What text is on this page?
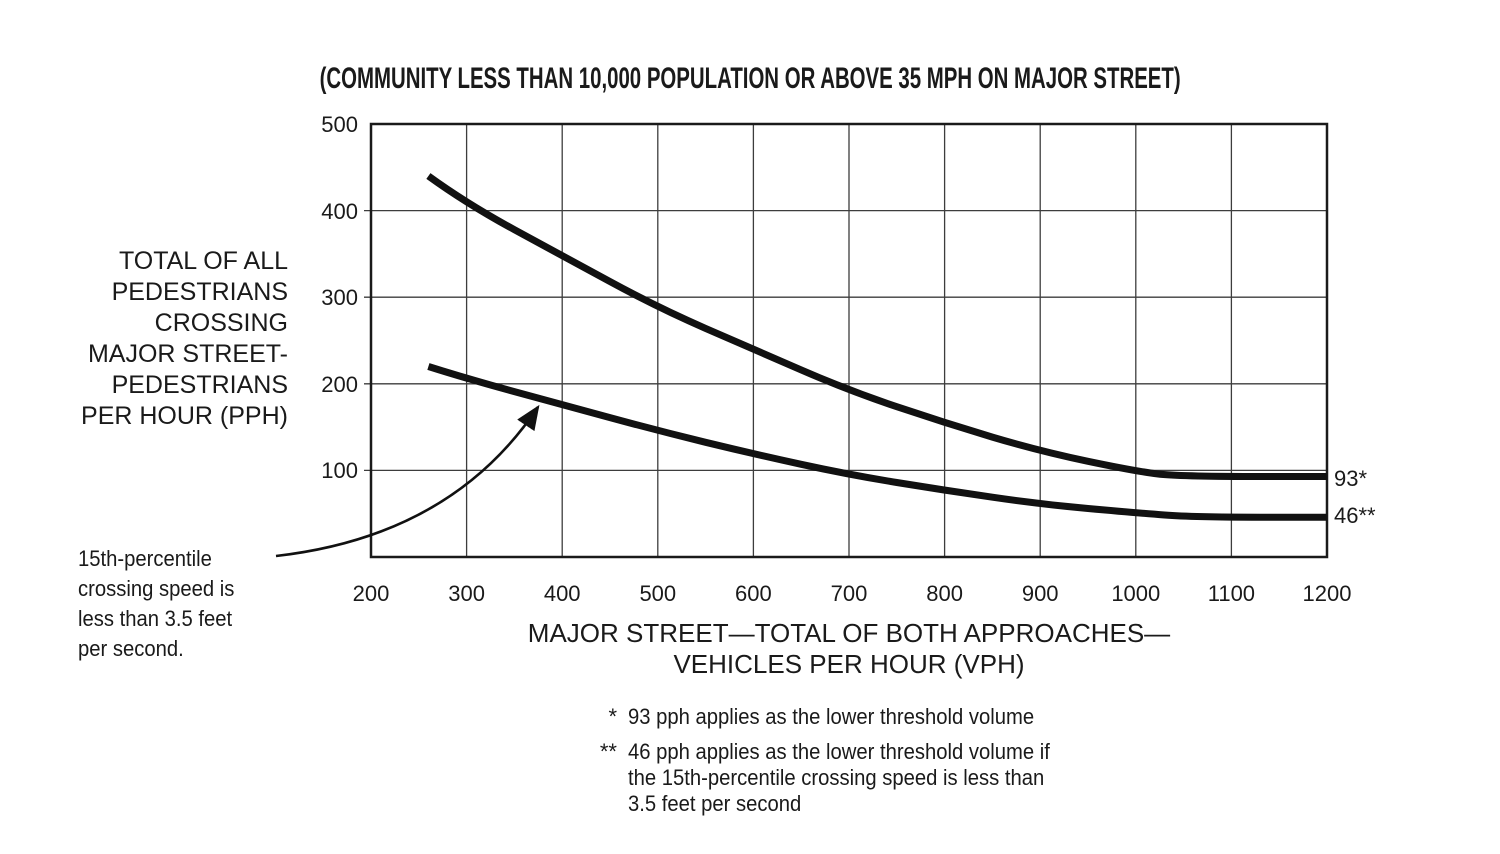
(COMMUNITY LESS THAN 10,000 POPULATION OR ABOVE 35 MPH ON MAJOR STREET)
TOTAL OF ALL
PEDESTRIANS
CROSSING
MAJOR STREET-
PEDESTRIANS
PER HOUR (PPH)
200	300	400	500	600	700	800	900	1000	1100	1200
100
200
300
400
500
93*
46**
MAJOR STREET—TOTAL OF BOTH APPROACHES—
VEHICLES PER HOUR (VPH)
15th-percentile
crossing speed is
less than 3.5 feet
per second.
* 93 pph applies as the lower threshold volume
** 46 pph applies as the lower threshold volume if
the 15th-percentile crossing speed is less than
3.5 feet per second
